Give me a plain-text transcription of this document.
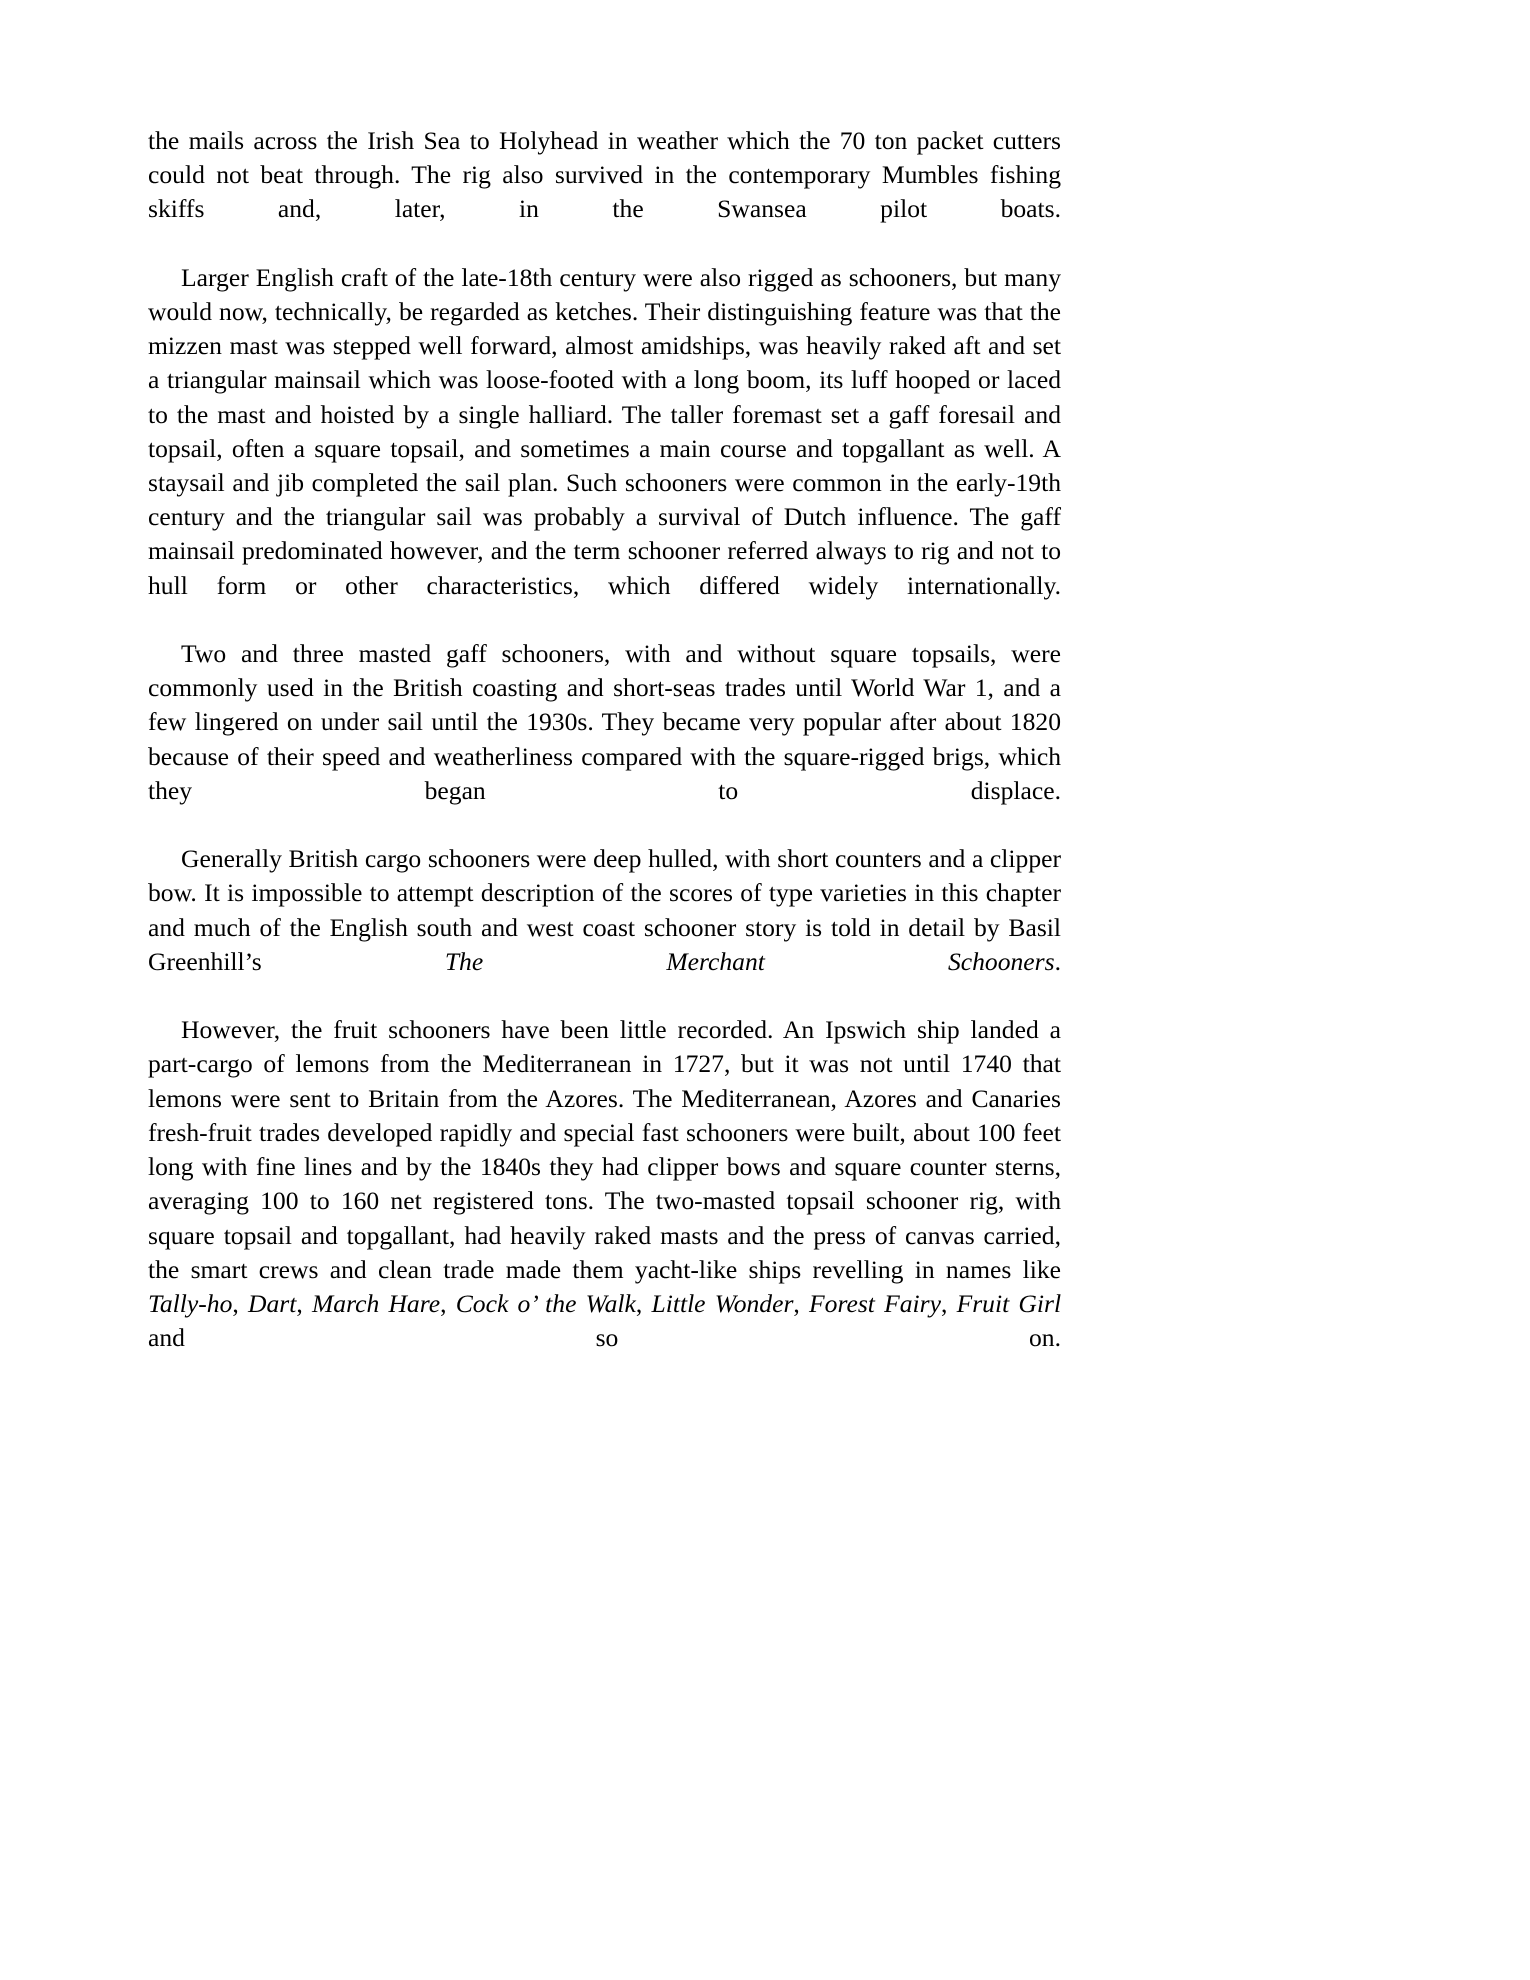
the mails across the Irish Sea to Holyhead in weather which the 70 ton packet cutters could not beat through. The rig also survived in the contemporary Mumbles fishing skiffs and, later, in the Swansea pilot boats.

Larger English craft of the late-18th century were also rigged as schooners, but many would now, technically, be regarded as ketches. Their distinguishing feature was that the mizzen mast was stepped well forward, almost amidships, was heavily raked aft and set a triangular mainsail which was loose-footed with a long boom, its luff hooped or laced to the mast and hoisted by a single halliard. The taller foremast set a gaff foresail and topsail, often a square topsail, and sometimes a main course and topgallant as well. A staysail and jib completed the sail plan. Such schooners were common in the early-19th century and the triangular sail was probably a survival of Dutch influence. The gaff mainsail predominated however, and the term schooner referred always to rig and not to hull form or other characteristics, which differed widely internationally.

Two and three masted gaff schooners, with and without square topsails, were commonly used in the British coasting and short-seas trades until World War 1, and a few lingered on under sail until the 1930s. They became very popular after about 1820 because of their speed and weatherliness compared with the square-rigged brigs, which they began to displace.

Generally British cargo schooners were deep hulled, with short counters and a clipper bow. It is impossible to attempt description of the scores of type varieties in this chapter and much of the English south and west coast schooner story is told in detail by Basil Greenhill’s The Merchant Schooners.

However, the fruit schooners have been little recorded. An Ipswich ship landed a part-cargo of lemons from the Mediterranean in 1727, but it was not until 1740 that lemons were sent to Britain from the Azores. The Mediterranean, Azores and Canaries fresh-fruit trades developed rapidly and special fast schooners were built, about 100 feet long with fine lines and by the 1840s they had clipper bows and square counter sterns, averaging 100 to 160 net registered tons. The two-masted topsail schooner rig, with square topsail and topgallant, had heavily raked masts and the press of canvas carried, the smart crews and clean trade made them yacht-like ships revelling in names like Tally-ho, Dart, March Hare, Cock o’ the Walk, Little Wonder, Forest Fairy, Fruit Girl and so on.
